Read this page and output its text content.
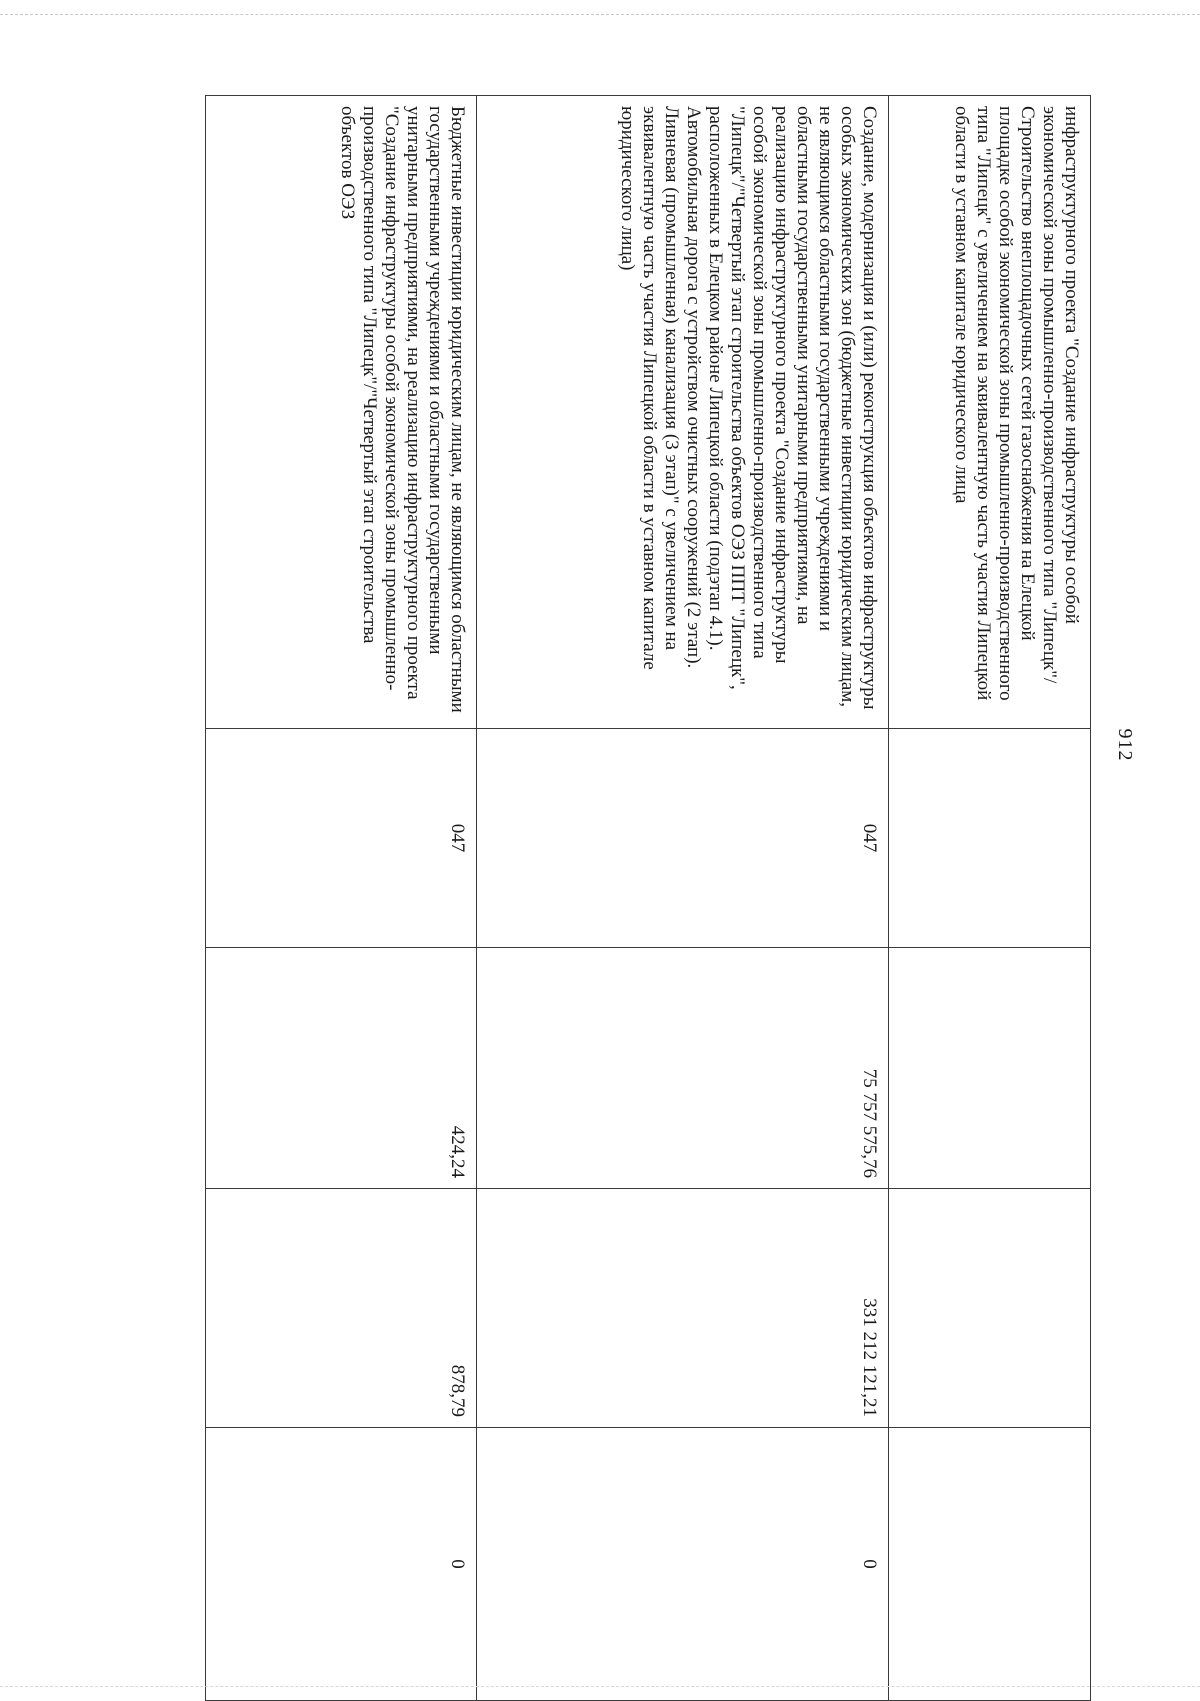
912
инфраструктурного проекта "Создание инфраструктуры особой экономической зоны промышленно-производственного типа "Липецк"/Строительство внеплощадочных сетей газоснабжения на Елецкой площадке особой экономической зоны промышленно-производственного типа "Липецк" с увеличением на эквивалентную часть участия Липецкой области в уставном капитале юридического лица				
Создание, модернизация и (или) реконструкция объектов инфраструктуры особых экономических зон (бюджетные инвестиции юридическим лицам, не являющимся областными государственными учреждениями и областными государственными унитарными предприятиями, на реализацию инфраструктурного проекта "Создание инфраструктуры особой экономической зоны промышленно-производственного типа "Липецк"/"Четвертый этап строительства объектов ОЭЗ ППТ "Липецк", расположенных в Елецком районе Липецкой области (подэтап 4.1). Автомобильная дорога с устройством очистных сооружений (2 этап). Ливневая (промышленная) канализация (3 этап)" с увеличением на эквивалентную часть участия Липецкой области в уставном капитале юридического лица)	047	75 757 575,76	331 212 121,21	0
Бюджетные инвестиции юридическим лицам, не являющимся областными государственными учреждениями и областными государственными унитарными предприятиями, на реализацию инфраструктурного проекта "Создание инфраструктуры особой экономической зоны промышленно-производственного типа "Липецк"/"Четвертый этап строительства объектов ОЭЗ	047	424,24	878,79	0
